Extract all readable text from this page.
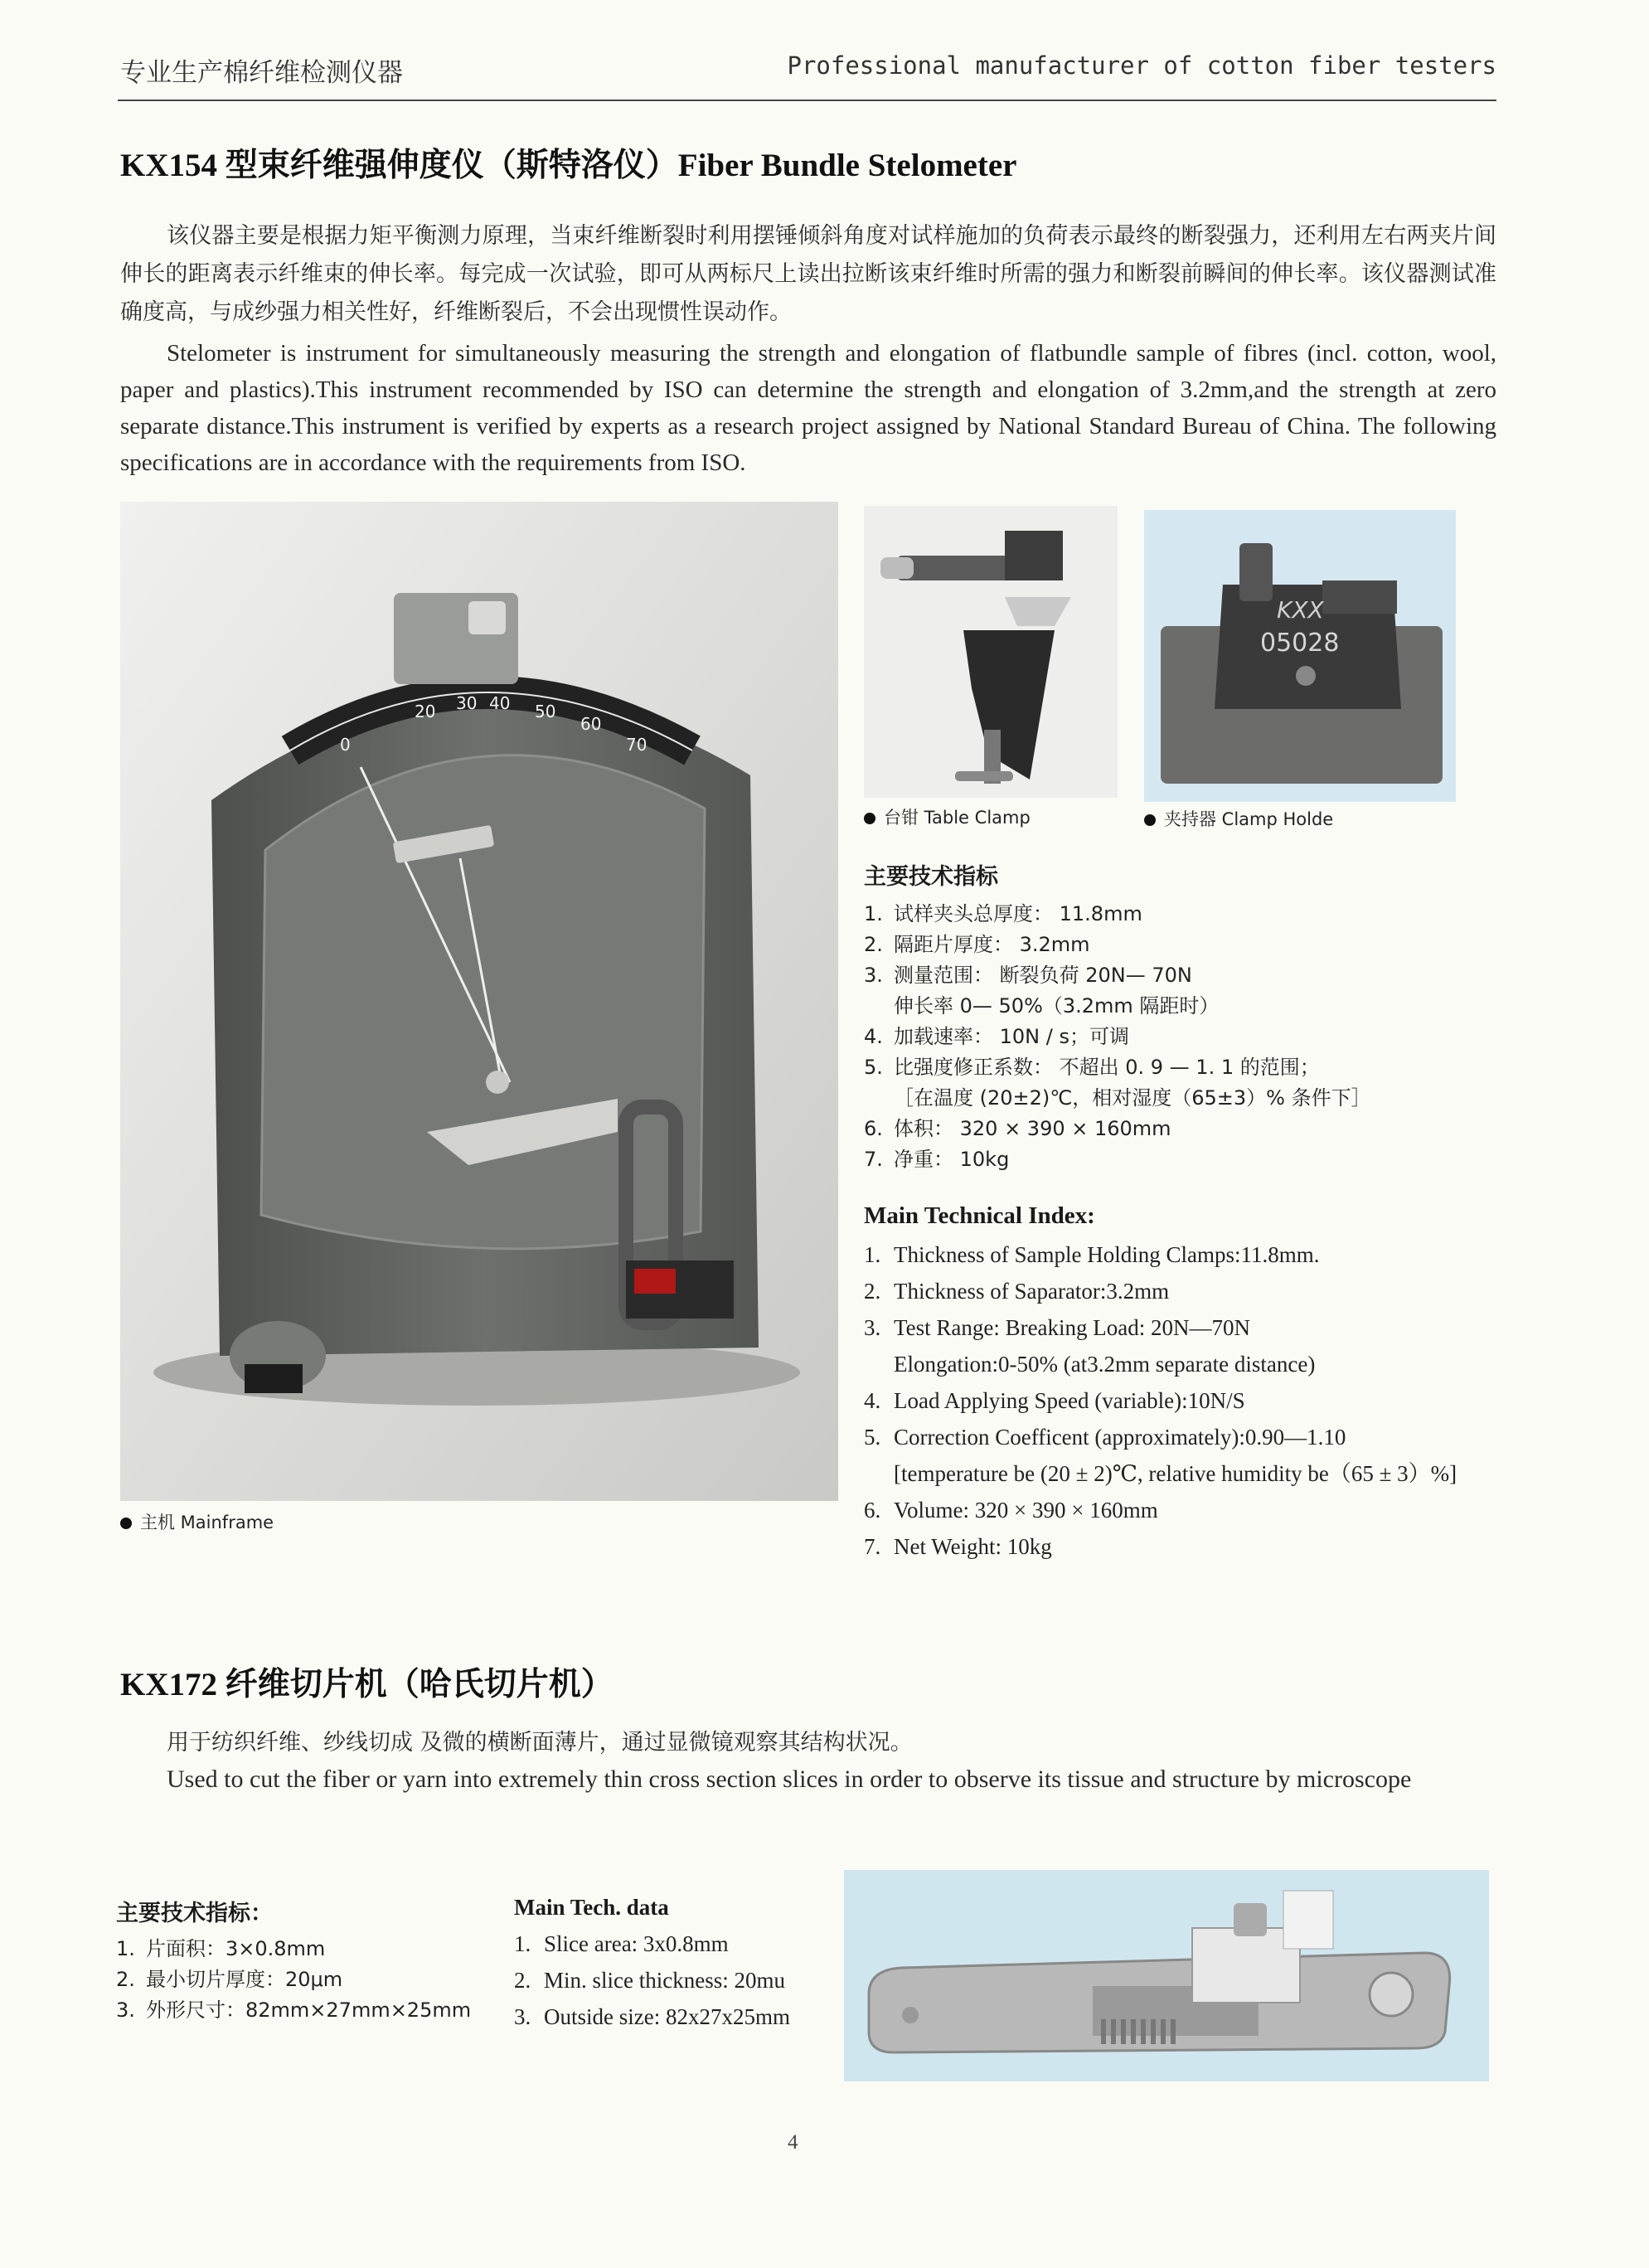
专业生产棉纤维检测仪器	Professional manufacturer of cotton fiber testers
KX154 型束纤维强伸度仪（斯特洛仪）Fiber Bundle Stelometer

该仪器主要是根据力矩平衡测力原理，当束纤维断裂时利用摆锤倾斜角度对试样施加的负荷表示最终的断裂强力，还利用左右两夹片间伸长的距离表示纤维束的伸长率。每完成一次试验，即可从两标尺上读出拉断该束纤维时所需的强力和断裂前瞬间的伸长率。该仪器测试准确度高，与成纱强力相关性好，纤维断裂后，不会出现惯性误动作。

Stelometer is instrument for simultaneously measuring the strength and elongation of flatbundle sample of fibres (incl. cotton, wool, paper and plastics).This instrument recommended by ISO can determine the strength and elongation of 3.2mm,and the strength at zero separate distance.This instrument is verified by experts as a research project assigned by National Standard Bureau of China. The following specifications are in accordance with the requirements from ISO.

0
20 30 40 50
60
70
主机 Mainframe
台钳 Table Clamp
KXX
05028
夹持器 Clamp Holde
主要技术指标
1. 试样夹头总厚度： 11.8mm
2. 隔距片厚度： 3.2mm
3. 测量范围： 断裂负荷 20N— 70N
伸长率 0— 50%（3.2mm 隔距时）
4. 加载速率： 10N / s；可调
5. 比强度修正系数： 不超出 0. 9 — 1. 1 的范围；
［在温度 (20±2)℃，相对湿度（65±3）% 条件下］
6. 体积： 320 × 390 × 160mm
7. 净重： 10kg
Main Technical Index:
1. Thickness of Sample Holding Clamps:11.8mm.
2. Thickness of Saparator:3.2mm
3. Test Range: Breaking Load: 20N—70N
Elongation:0-50% (at3.2mm separate distance)
4. Load Applying Speed (variable):10N/S
5. Correction Coefficent (approximately):0.90—1.10
[temperature be (20 ± 2)℃, relative humidity be（65 ± 3）%]
6. Volume: 320 × 390 × 160mm
7. Net Weight: 10kg
KX172 纤维切片机（哈氏切片机）

用于纺织纤维、纱线切成 及微的横断面薄片，通过显微镜观察其结构状况。

Used to cut the fiber or yarn into extremely thin cross section slices in order to observe its tissue and structure by microscope

主要技术指标：
1. 片面积：3×0.8mm
2. 最小切片厚度：20μm
3. 外形尺寸：82mm×27mm×25mm
Main Tech. data
1. Slice area: 3x0.8mm
2. Min. slice thickness: 20mu
3. Outside size: 82x27x25mm
4
